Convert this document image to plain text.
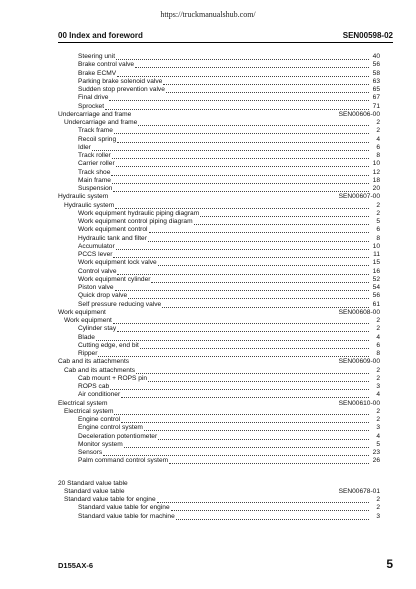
https://truckmanualshub.com/
00 Index and foreword	SEN00598-02
Steering unit	40
Brake control valve	56
Brake ECMV	58
Parking brake solenoid valve	63
Sudden stop prevention valve	65
Final drive	67
Sprocket	71
Undercarriage and frame	SEN00606-00
Undercarriage and frame	2
Track frame	2
Recoil spring	4
Idler	6
Track roller	8
Carrier roller	10
Track shoe	12
Main frame	18
Suspension	20
Hydraulic system	SEN00607-00
Hydraulic system	2
Work equipment hydraulic piping diagram	2
Work equipment control piping diagram	5
Work equipment control	6
Hydraulic tank and filter	8
Accumulator	10
PCCS lever	11
Work equipment lock valve	15
Control valve	16
Work equipment cylinder	52
Piston valve	54
Quick drop valve	56
Self pressure reducing valve	61
Work equipment	SEN00608-00
Work equipment	2
Cylinder stay	2
Blade	4
Cutting edge, end bit	6
Ripper	8
Cab and its attachments	SEN00609-00
Cab and its attachments	2
Cab mount + ROPS pin	2
ROPS cab	3
Air conditioner	4
Electrical system	SEN00610-00
Electrical system	2
Engine control	2
Engine control system	3
Deceleration potentiometer	4
Monitor system	5
Sensors	23
Palm command control system	26
20 Standard value table
Standard value table	SEN00678-01
Standard value table for engine	2
Standard value table for engine	2
Standard value table for machine	3
D155AX-6	5
